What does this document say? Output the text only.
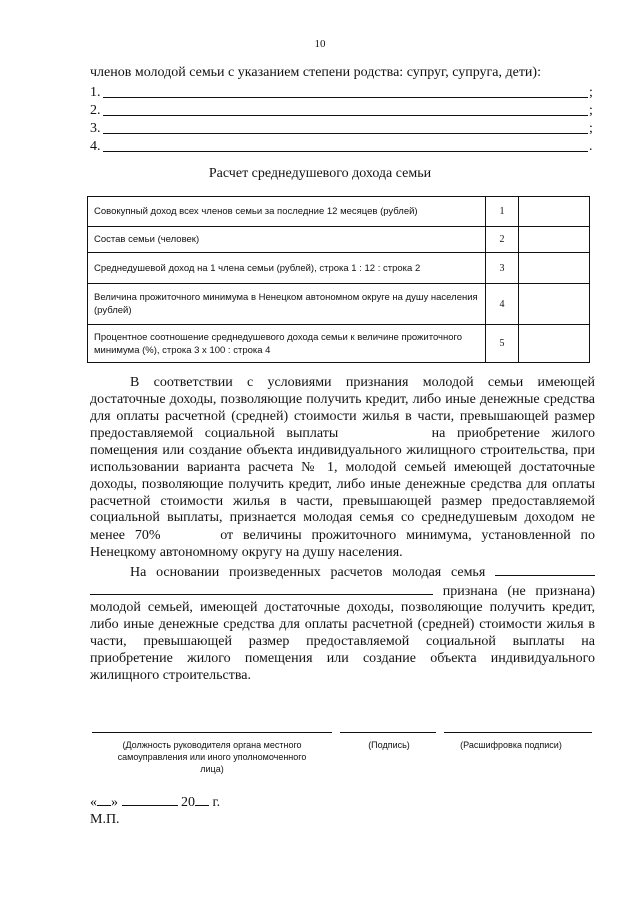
10
членов молодой семьи с указанием степени родства: супруг, супруга, дети):
1.	;
2.	;
3.	;
4.	.
Расчет среднедушевого дохода семьи
Совокупный доход всех членов семьи за последние 12 месяцев (рублей)	1	
Состав семьи (человек)	2	
Среднедушевой доход на 1 члена семьи (рублей), строка 1 : 12 : строка 2	3	
Величина прожиточного минимума в Ненецком автономном округе на душу населения (рублей)	4	
Процентное соотношение среднедушевого дохода семьи к величине прожиточного минимума (%), строка 3 х 100 : строка 4	5	

В соответствии с условиями признания молодой семьи имеющей достаточные доходы, позволяющие получить кредит, либо иные денежные средства для оплаты расчетной (средней) стоимости жилья в части, превышающей размер предоставляемой социальной выплаты	на приобретение жилого помещения или создание объекта индивидуального жилищного строительства, при использовании варианта расчета № 1, молодой семьей имеющей достаточные доходы, позволяющие получить кредит, либо иные денежные средства для оплаты расчетной стоимости жилья в части, превышающей размер предоставляемой социальной выплаты, признается молодая семья со среднедушевым доходом не менее 70%	от величины прожиточного минимума, установленной по Ненецкому автономному округу на душу населения.

На основании произведенных расчетов молодая семья   признана (не признана) молодой семьей, имеющей достаточные доходы, позволяющие получить кредит, либо иные денежные средства для оплаты расчетной (средней) стоимости жилья в части, превышающей размер предоставляемой социальной выплаты на приобретение жилого помещения или создание объекта индивидуального жилищного строительства.

(Должность руководителя органа местного самоуправления или иного уполномоченного лица)
(Подпись)	(Расшифровка подписи)
« »	20 г.
М.П.
